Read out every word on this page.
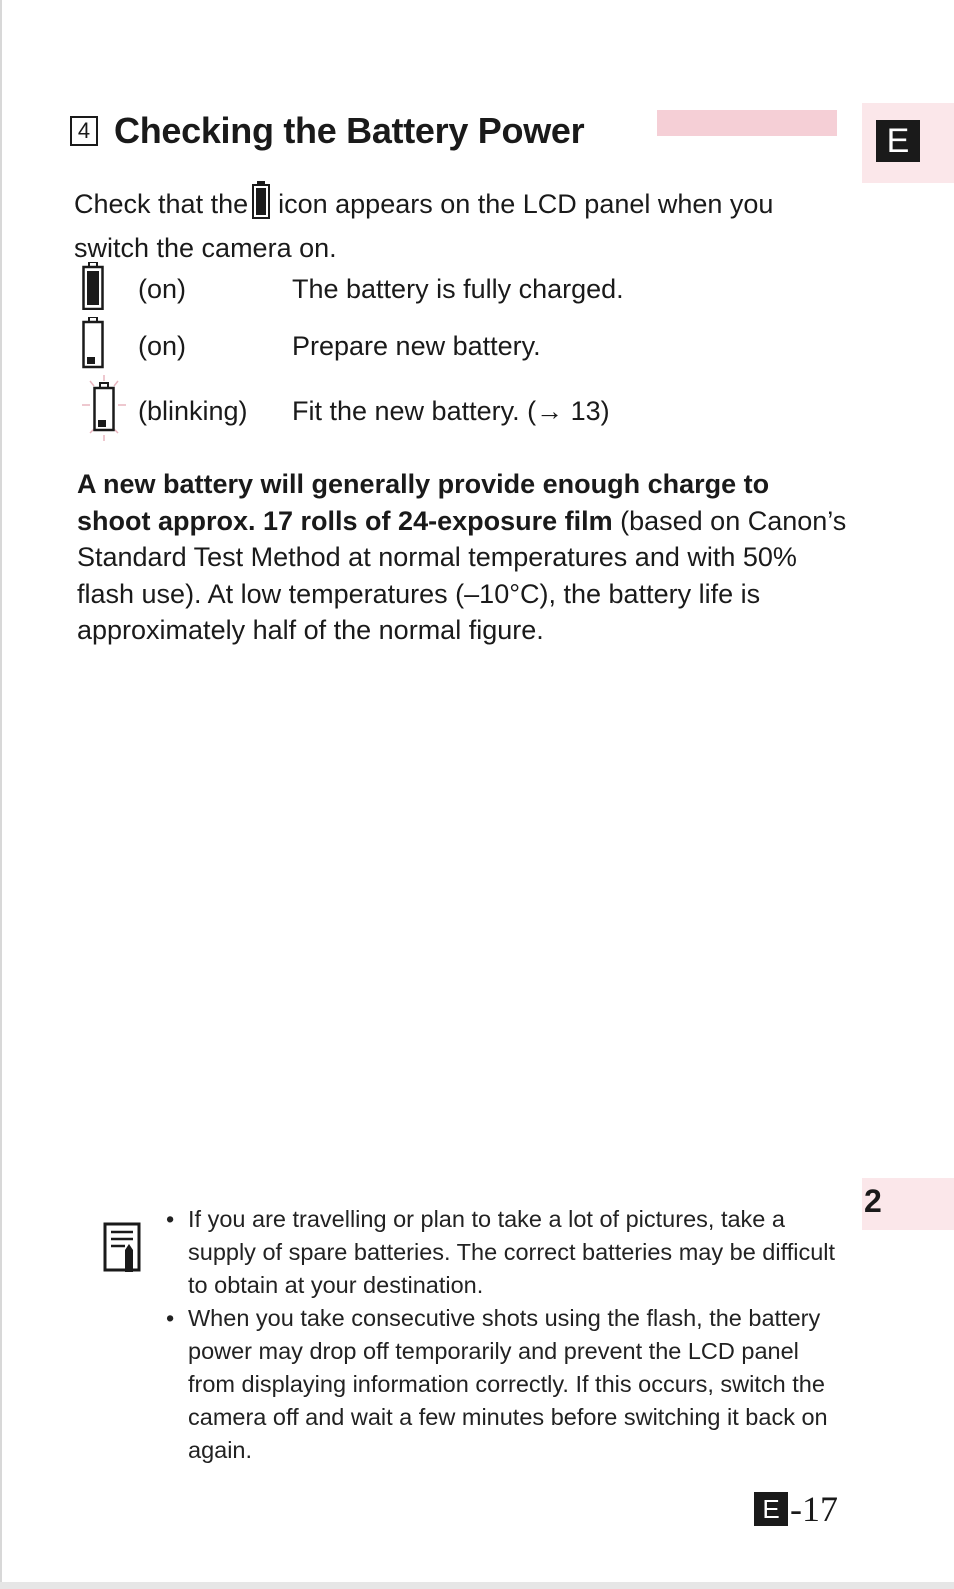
E
4 Checking the Battery Power
Check that the icon appears on the LCD panel when you switch the camera on.
(on)	The battery is fully charged.
(on)	Prepare new battery.
(blinking)	Fit the new battery. (→ 13)
A new battery will generally provide enough charge to shoot approx. 17 rolls of 24-exposure film (based on Canon’s Standard Test Method at normal temperatures and with 50% flash use). At low temperatures (–10°C), the battery life is approximately half of the normal figure.
2
• If you are travelling or plan to take a lot of pictures, take a supply of spare batteries. The correct batteries may be difficult to obtain at your destination.
• When you take consecutive shots using the flash, the battery power may drop off temporarily and prevent the LCD panel from displaying information correctly. If this occurs, switch the camera off and wait a few minutes before switching it back on again.
E -17
